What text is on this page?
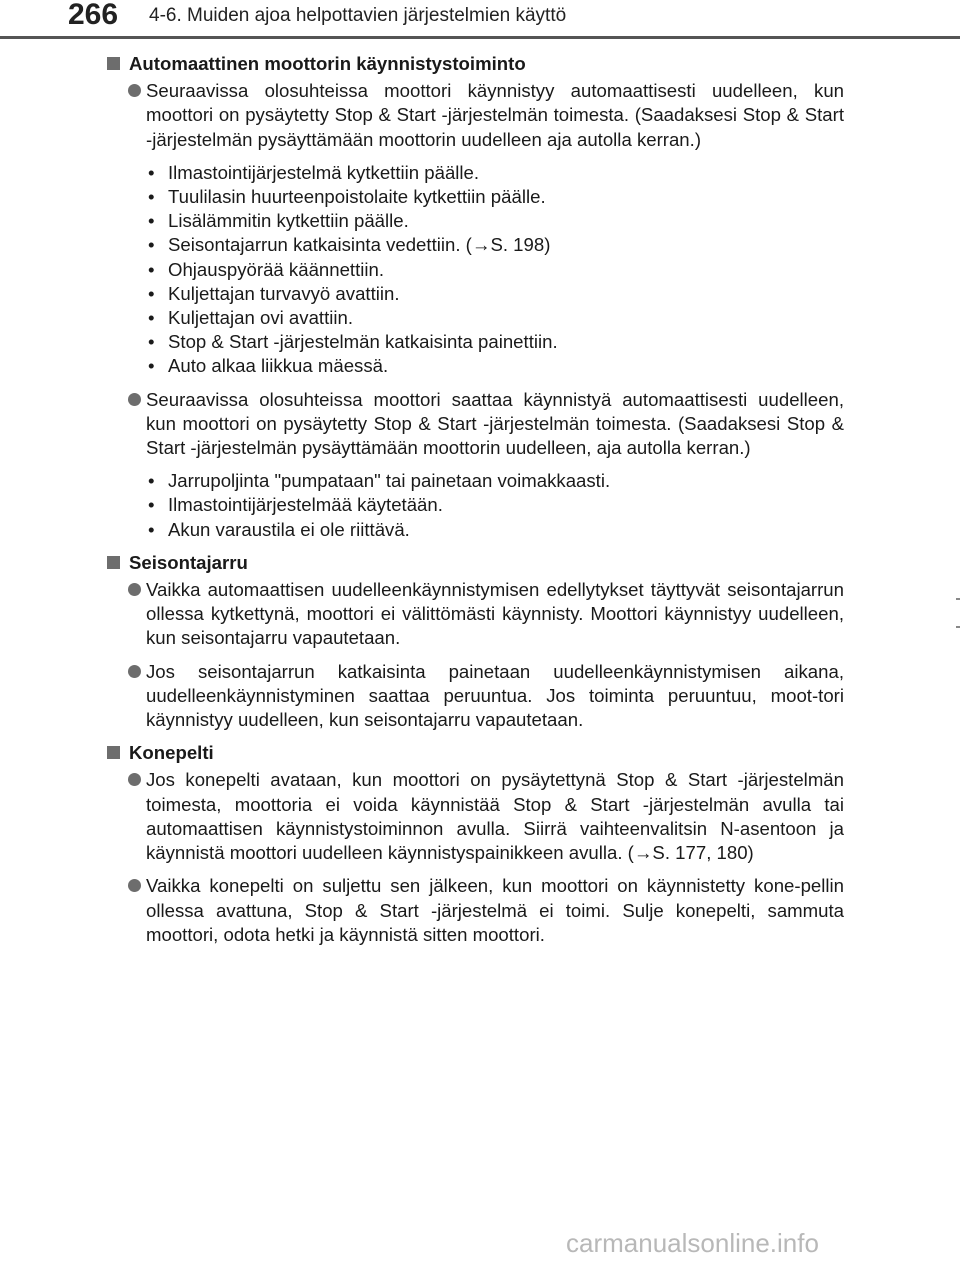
266 4-6. Muiden ajoa helpottavien järjestelmien käyttö
Automaattinen moottorin käynnistystoiminto
Seuraavissa olosuhteissa moottori käynnistyy automaattisesti uudelleen, kun moottori on pysäytetty Stop & Start -järjestelmän toimesta. (Saadaksesi Stop & Start -järjestelmän pysäyttämään moottorin uudelleen aja autolla kerran.)
• Ilmastointijärjestelmä kytkettiin päälle.
• Tuulilasin huurteenpoistolaite kytkettiin päälle.
• Lisälämmitin kytkettiin päälle.
• Seisontajarrun katkaisinta vedettiin. (→S. 198)
• Ohjauspyörää käännettiin.
• Kuljettajan turvavyö avattiin.
• Kuljettajan ovi avattiin.
• Stop & Start -järjestelmän katkaisinta painettiin.
• Auto alkaa liikkua mäessä.
Seuraavissa olosuhteissa moottori saattaa käynnistyä automaattisesti uudelleen, kun moottori on pysäytetty Stop & Start -järjestelmän toimesta. (Saadaksesi Stop & Start -järjestelmän pysäyttämään moottorin uudelleen, aja autolla kerran.)
• Jarrupoljinta "pumpataan" tai painetaan voimakkaasti.
• Ilmastointijärjestelmää käytetään.
• Akun varaustila ei ole riittävä.
Seisontajarru
Vaikka automaattisen uudelleenkäynnistymisen edellytykset täyttyvät seisontajarrun ollessa kytkettynä, moottori ei välittömästi käynnisty. Moottori käynnistyy uudelleen, kun seisontajarru vapautetaan.
Jos seisontajarrun katkaisinta painetaan uudelleenkäynnistymisen aikana, uudelleenkäynnistyminen saattaa peruuntua. Jos toiminta peruuntuu, moot-tori käynnistyy uudelleen, kun seisontajarru vapautetaan.
Konepelti
Jos konepelti avataan, kun moottori on pysäytettynä Stop & Start -järjestelmän toimesta, moottoria ei voida käynnistää Stop & Start -järjestelmän avulla tai automaattisen käynnistystoiminnon avulla. Siirrä vaihteenvalitsin N-asentoon ja käynnistä moottori uudelleen käynnistyspainikkeen avulla. (→S. 177, 180)
Vaikka konepelti on suljettu sen jälkeen, kun moottori on käynnistetty kone-pellin ollessa avattuna, Stop & Start -järjestelmä ei toimi. Sulje konepelti, sammuta moottori, odota hetki ja käynnistä sitten moottori.
carmanualsonline.info
